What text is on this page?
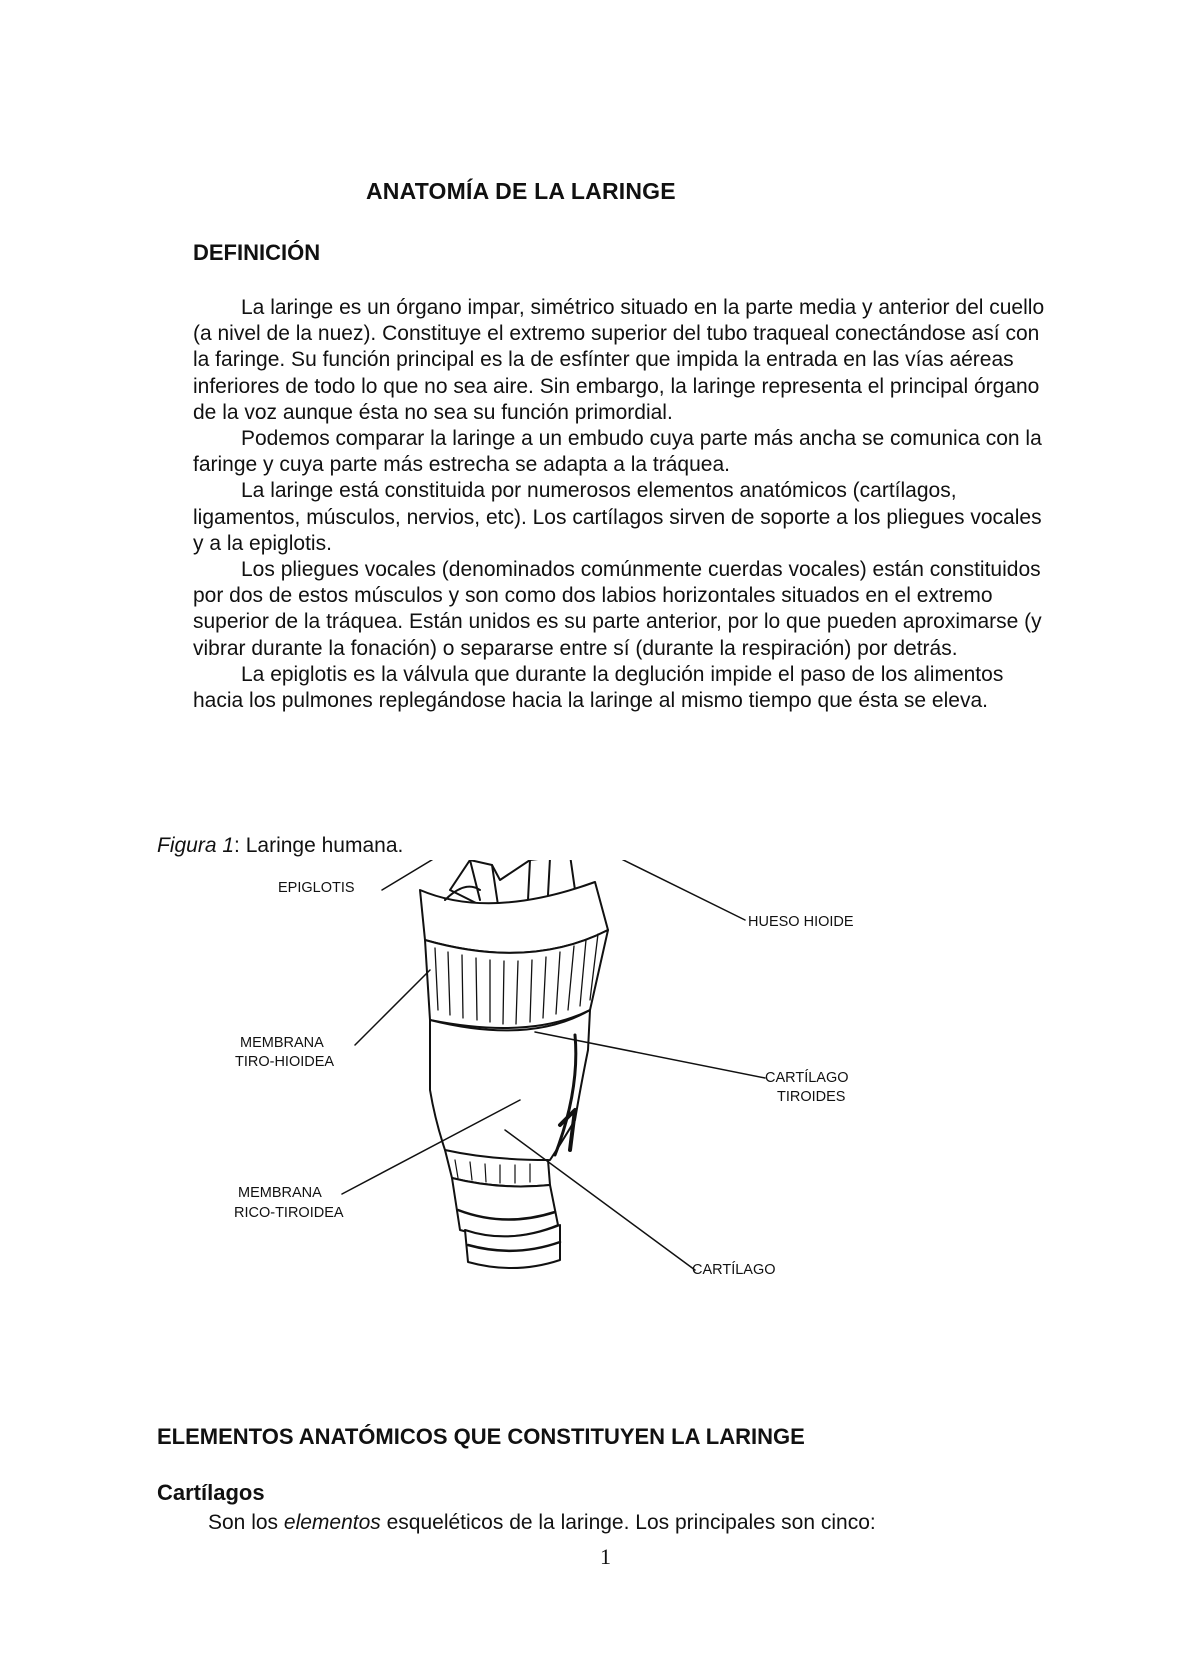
ANATOMÍA DE LA LARINGE
DEFINICIÓN

La laringe es un órgano impar, simétrico situado en la parte media y anterior del cuello (a nivel de la nuez). Constituye el extremo superior del tubo traqueal conectándose así con la faringe. Su función principal es la de esfínter que impida la entrada en las vías aéreas inferiores de todo lo que no sea aire. Sin embargo, la laringe representa el principal órgano de la voz aunque ésta no sea su función primordial.

Podemos comparar la laringe a un embudo cuya parte más ancha se comunica con la faringe y cuya parte más estrecha se adapta a la tráquea.

La laringe está constituida por numerosos elementos anatómicos (cartílagos, ligamentos, músculos, nervios, etc). Los cartílagos sirven de soporte a los pliegues vocales y a la epiglotis.

Los pliegues vocales (denominados comúnmente cuerdas vocales) están constituidos por dos de estos músculos y son como dos labios horizontales situados en el extremo superior de la tráquea. Están unidos es su parte anterior, por lo que pueden aproximarse (y vibrar durante la fonación) o separarse entre sí (durante la respiración) por detrás.

La epiglotis es la válvula que durante la deglución impide el paso de los alimentos hacia los pulmones replegándose hacia la laringe al mismo tiempo que ésta se eleva.

Figura 1: Laringe humana.
EPIGLOTIS
HUESO HIOIDE
MEMBRANA
TIRO-HIOIDEA
CARTÍLAGO
TIROIDES
MEMBRANA
RICO-TIROIDEA
CARTÍLAGO
ELEMENTOS ANATÓMICOS QUE CONSTITUYEN LA LARINGE
Cartílagos
Son los elementos esqueléticos de la laringe. Los principales son cinco:
1
